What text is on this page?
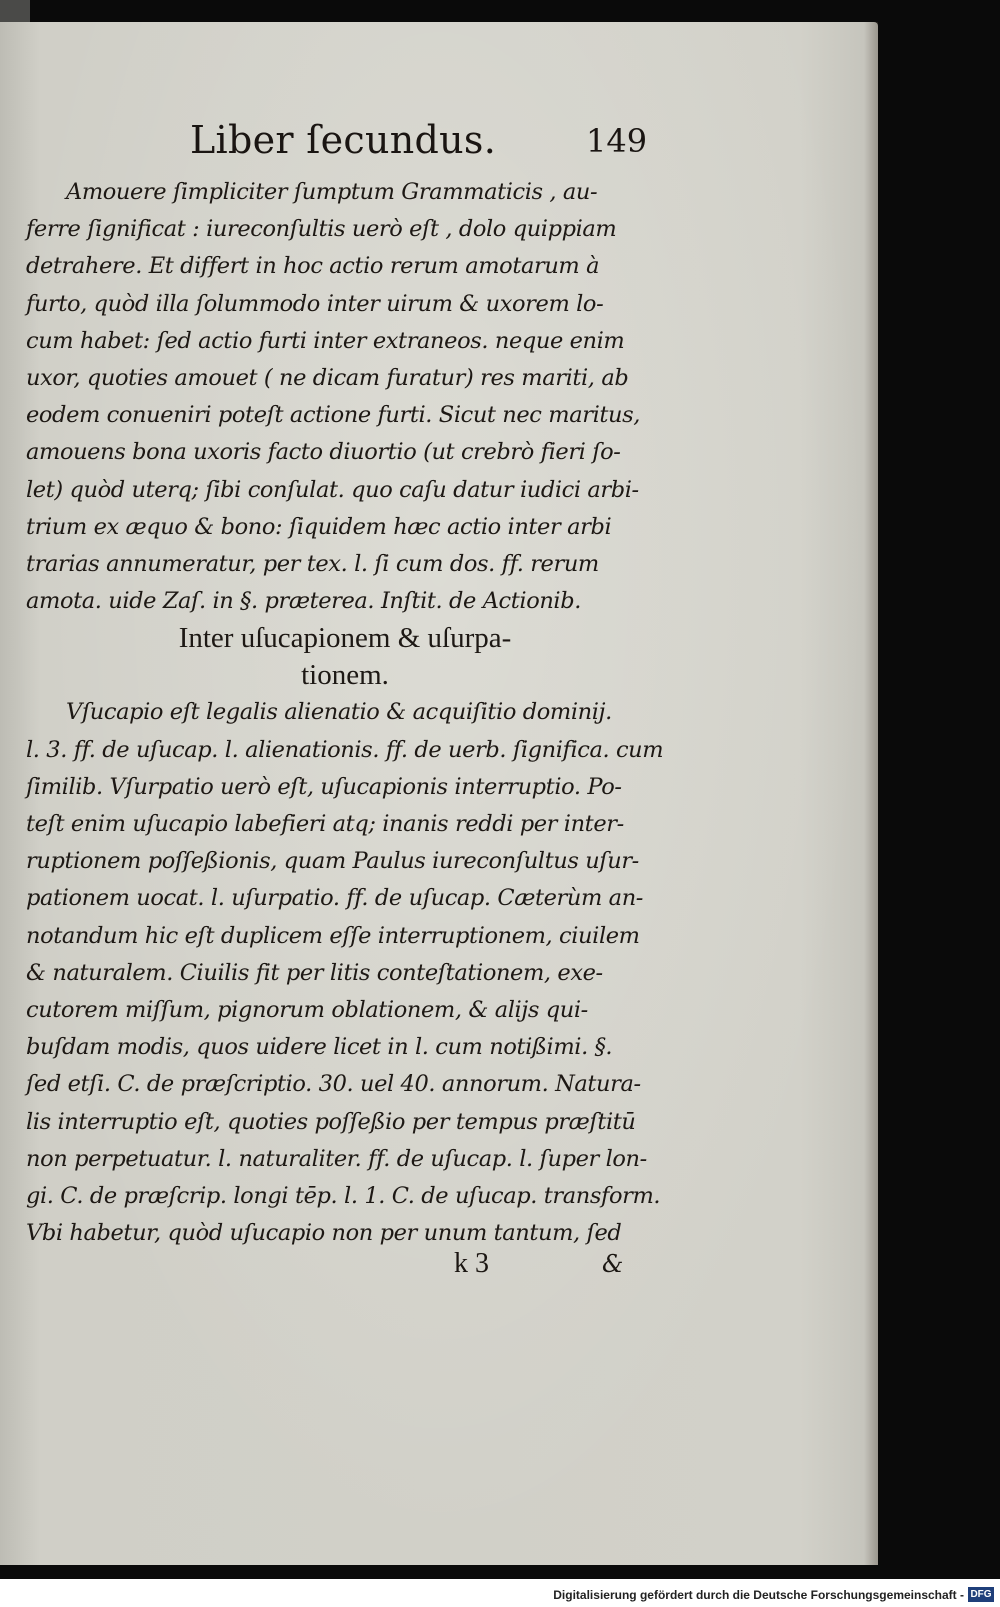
Liber ſecundus.	149

Amouere ſimpliciter ſumptum Grammaticis , au-
ferre ſignificat : iureconſultis uerò eſt , dolo quippiam
detrahere. Et differt in hoc actio rerum amotarum à
furto, quòd illa ſolummodo inter uirum & uxorem lo-
cum habet: ſed actio furti inter extraneos. neque enim
uxor, quoties amouet ( ne dicam furatur) res mariti, ab
eodem conueniri poteſt actione furti. Sicut nec maritus,
amouens bona uxoris facto diuortio (ut crebrò fieri ſo-
let) quòd uterq; ſibi conſulat. quo caſu datur iudici arbi-
trium ex æquo & bono: ſiquidem hæc actio inter arbi
trarias annumeratur, per tex. l. ſi cum dos. ff. rerum
amota. uide Zaſ. in §. præterea. Inſtit. de Actionib.

Inter uſucapionem & uſurpa-
tionem.

Vſucapio eſt legalis alienatio & acquiſitio dominij.
l. 3. ff. de uſucap. l. alienationis. ff. de uerb. ſignifica. cum
ſimilib. Vſurpatio uerò eſt, uſucapionis interruptio. Po-
teſt enim uſucapio labefieri atq; inanis reddi per inter-
ruptionem poſſeßionis, quam Paulus iureconſultus uſur-
pationem uocat. l. uſurpatio. ff. de uſucap. Cæterùm an-
notandum hic eſt duplicem eſſe interruptionem, ciuilem
& naturalem. Ciuilis fit per litis conteſtationem, exe-
cutorem miſſum, pignorum oblationem, & alijs qui-
buſdam modis, quos uidere licet in l. cum notißimi. §.
ſed etſi. C. de præſcriptio. 30. uel 40. annorum. Natura-
lis interruptio eſt, quoties poſſeßio per tempus præſtitū
non perpetuatur. l. naturaliter. ff. de uſucap. l. ſuper lon-
gi. C. de præſcrip. longi tēp. l. 1. C. de uſucap. transform.
Vbi habetur, quòd uſucapio non per unum tantum, ſed

k 3	&
Digitalisierung gefördert durch die Deutsche Forschungsgemeinschaft - DFG
